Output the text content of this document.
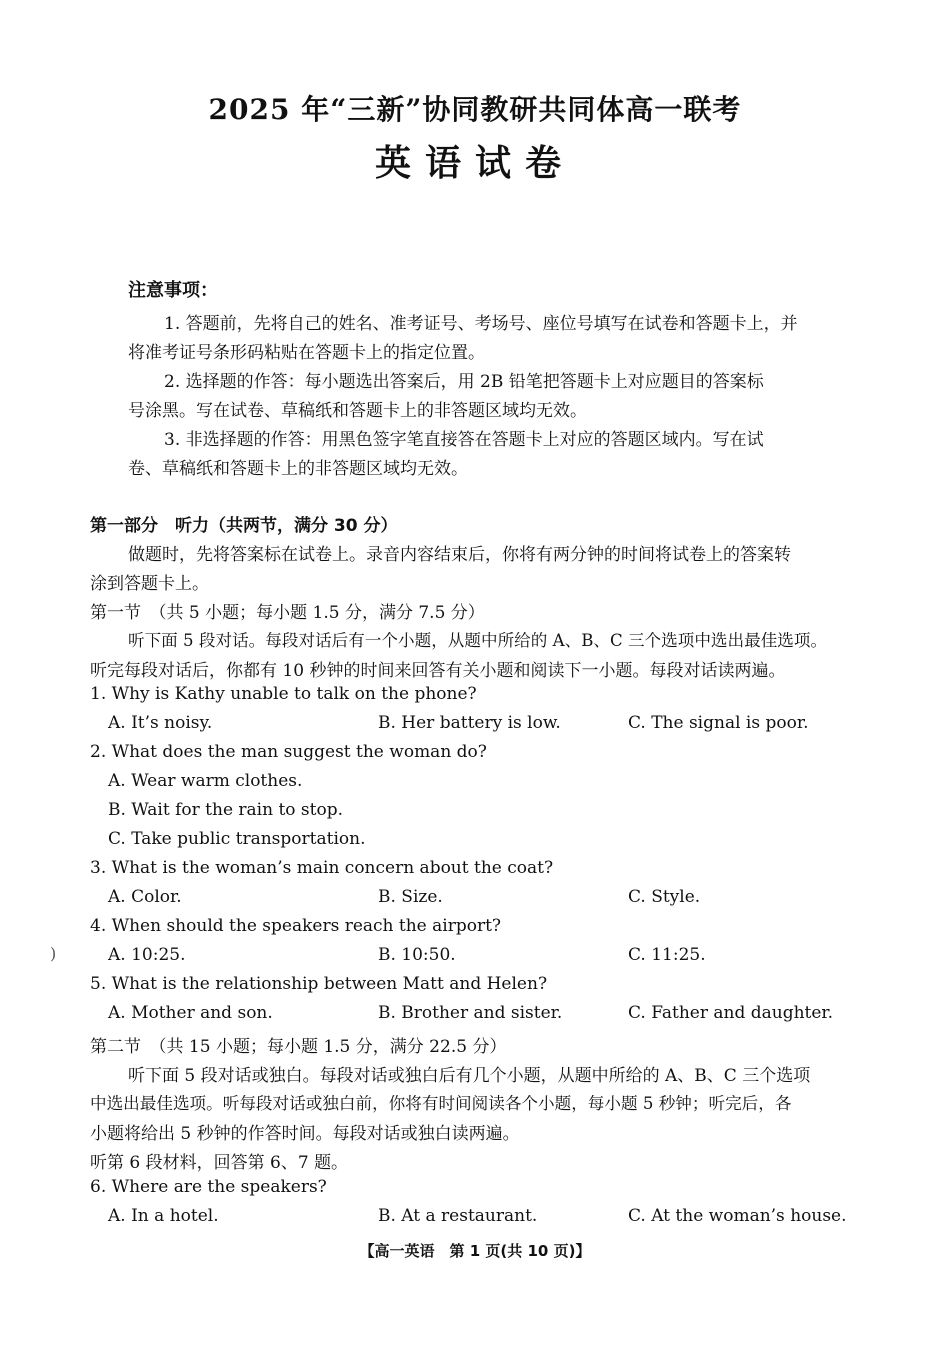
2025 年“三新”协同教研共同体高一联考
英语试卷
注意事项：
1. 答题前，先将自己的姓名、准考证号、考场号、座位号填写在试卷和答题卡上，并
将准考证号条形码粘贴在答题卡上的指定位置。
2. 选择题的作答：每小题选出答案后，用 2B 铅笔把答题卡上对应题目的答案标
号涂黑。写在试卷、草稿纸和答题卡上的非答题区域均无效。
3. 非选择题的作答：用黑色签字笔直接答在答题卡上对应的答题区域内。写在试
卷、草稿纸和答题卡上的非答题区域均无效。
第一部分　听力（共两节，满分 30 分）
做题时，先将答案标在试卷上。录音内容结束后，你将有两分钟的时间将试卷上的答案转
涂到答题卡上。
第一节　（共 5 小题；每小题 1.5 分，满分 7.5 分）
听下面 5 段对话。每段对话后有一个小题，从题中所给的 A、B、C 三个选项中选出最佳选项。
听完每段对话后，你都有 10 秒钟的时间来回答有关小题和阅读下一小题。每段对话读两遍。
1. Why is Kathy unable to talk on the phone?
A. It’s noisy.	B. Her battery is low.	C. The signal is poor.
2. What does the man suggest the woman do?
A. Wear warm clothes.
B. Wait for the rain to stop.
C. Take public transportation.
3. What is the woman’s main concern about the coat?
A. Color.	B. Size.	C. Style.
4. When should the speakers reach the airport?
)	A. 10:25.	B. 10:50.	C. 11:25.
5. What is the relationship between Matt and Helen?
A. Mother and son.	B. Brother and sister.	C. Father and daughter.
第二节　（共 15 小题；每小题 1.5 分，满分 22.5 分）
听下面 5 段对话或独白。每段对话或独白后有几个小题，从题中所给的 A、B、C 三个选项
中选出最佳选项。听每段对话或独白前，你将有时间阅读各个小题，每小题 5 秒钟；听完后，各
小题将给出 5 秒钟的作答时间。每段对话或独白读两遍。
听第 6 段材料，回答第 6、7 题。
6. Where are the speakers?
A. In a hotel.	B. At a restaurant.	C. At the woman’s house.
【高一英语　第 1 页(共 10 页)】
